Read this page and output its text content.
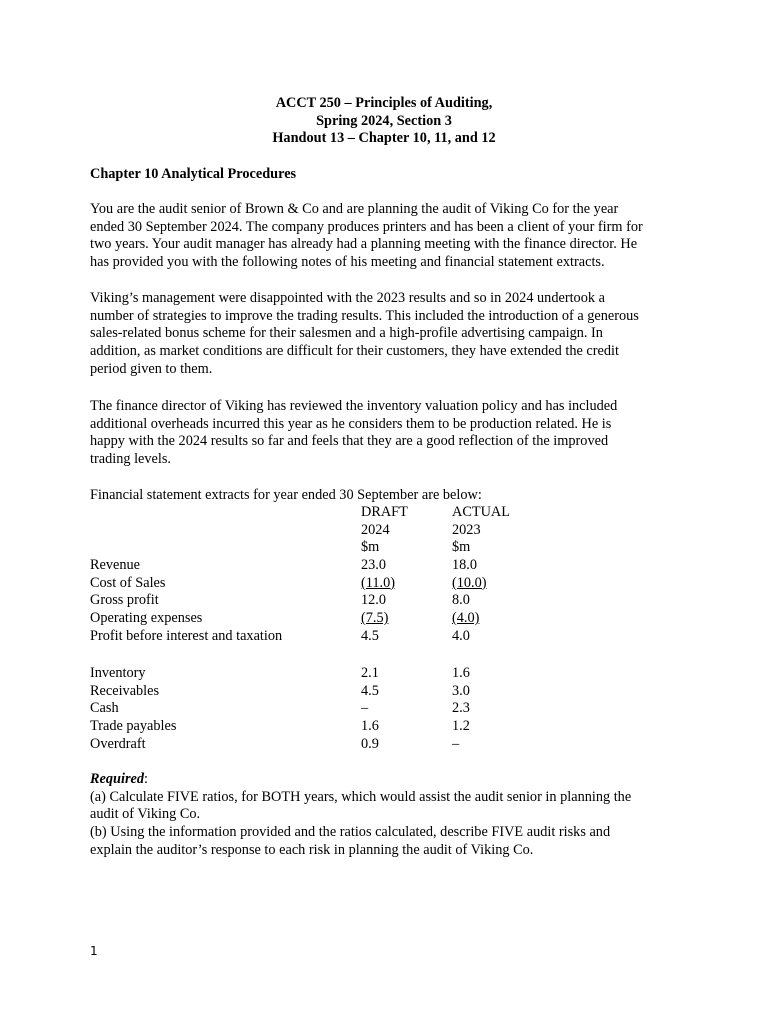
ACCT 250 – Principles of Auditing,
Spring 2024, Section 3
Handout 13 – Chapter 10, 11, and 12
Chapter 10 Analytical Procedures
You are the audit senior of Brown & Co and are planning the audit of Viking Co for the year
ended 30 September 2024. The company produces printers and has been a client of your firm for
two years. Your audit manager has already had a planning meeting with the finance director. He
has provided you with the following notes of his meeting and financial statement extracts.
Viking’s management were disappointed with the 2023 results and so in 2024 undertook a
number of strategies to improve the trading results. This included the introduction of a generous
sales-related bonus scheme for their salesmen and a high-profile advertising campaign. In
addition, as market conditions are difficult for their customers, they have extended the credit
period given to them.
The finance director of Viking has reviewed the inventory valuation policy and has included
additional overheads incurred this year as he considers them to be production related. He is
happy with the 2024 results so far and feels that they are a good reflection of the improved
trading levels.
Financial statement extracts for year ended 30 September are below:
DRAFT	ACTUAL
2024	2023
$m	$m
Revenue	23.0	18.0
Cost of Sales	(11.0)	(10.0)
Gross profit	12.0	8.0
Operating expenses	(7.5)	(4.0)
Profit before interest and taxation	4.5	4.0
Inventory	2.1	1.6
Receivables	4.5	3.0
Cash	–	2.3
Trade payables	1.6	1.2
Overdraft	0.9	–
Required:
(a) Calculate FIVE ratios, for BOTH years, which would assist the audit senior in planning the
audit of Viking Co.
(b) Using the information provided and the ratios calculated, describe FIVE audit risks and
explain the auditor’s response to each risk in planning the audit of Viking Co.
1
